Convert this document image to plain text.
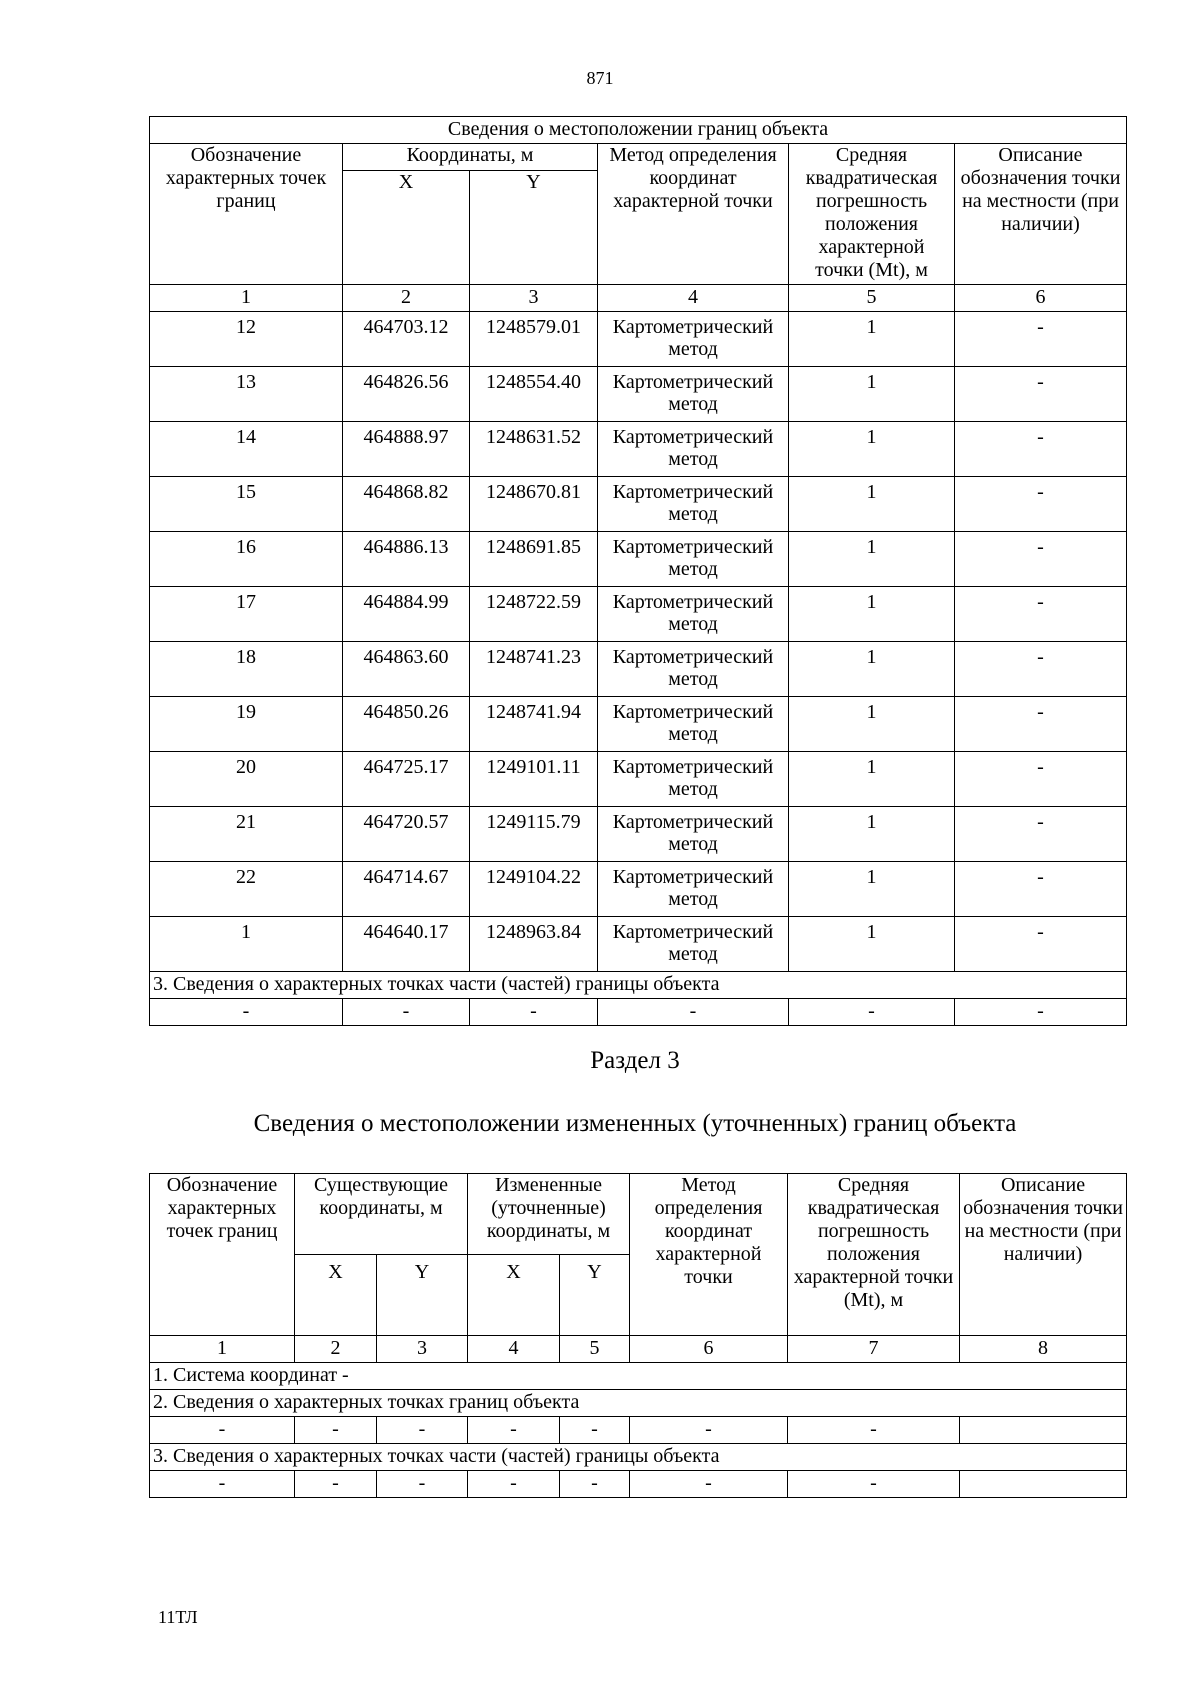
871
Сведения о местоположении границ объекта					
Обозначение характерных точек границ	Координаты, м		Метод определения координат характерной точки	Средняя квадратическая погрешность положения характерной точки (Mt), м	Описание обозначения точки на местности (при наличии)
	X	Y			
1	2	3	4	5	6
12	464703.12	1248579.01	Картометрический метод	1	-
13	464826.56	1248554.40	Картометрический метод	1	-
14	464888.97	1248631.52	Картометрический метод	1	-
15	464868.82	1248670.81	Картометрический метод	1	-
16	464886.13	1248691.85	Картометрический метод	1	-
17	464884.99	1248722.59	Картометрический метод	1	-
18	464863.60	1248741.23	Картометрический метод	1	-
19	464850.26	1248741.94	Картометрический метод	1	-
20	464725.17	1249101.11	Картометрический метод	1	-
21	464720.57	1249115.79	Картометрический метод	1	-
22	464714.67	1249104.22	Картометрический метод	1	-
1	464640.17	1248963.84	Картометрический метод	1	-
3. Сведения о характерных точках части (частей) границы объекта					
-	-	-	-	-	-
Раздел 3
Сведения о местоположении измененных (уточненных) границ объекта
Обозначение характерных точек границ	Существующие координаты, м		Измененные (уточненные) координаты, м		Метод определения координат характерной точки	Средняя квадратическая погрешность положения характерной точки (Mt), м	Описание обозначения точки на местности (при наличии)
	X	Y	X	Y			
1	2	3	4	5	6	7	8
1. Система координат -							
2. Сведения о характерных точках границ объекта							
-	-	-	-	-	-	-	
3. Сведения о характерных точках части (частей) границы объекта							
-	-	-	-	-	-	-	
11ТЛ
